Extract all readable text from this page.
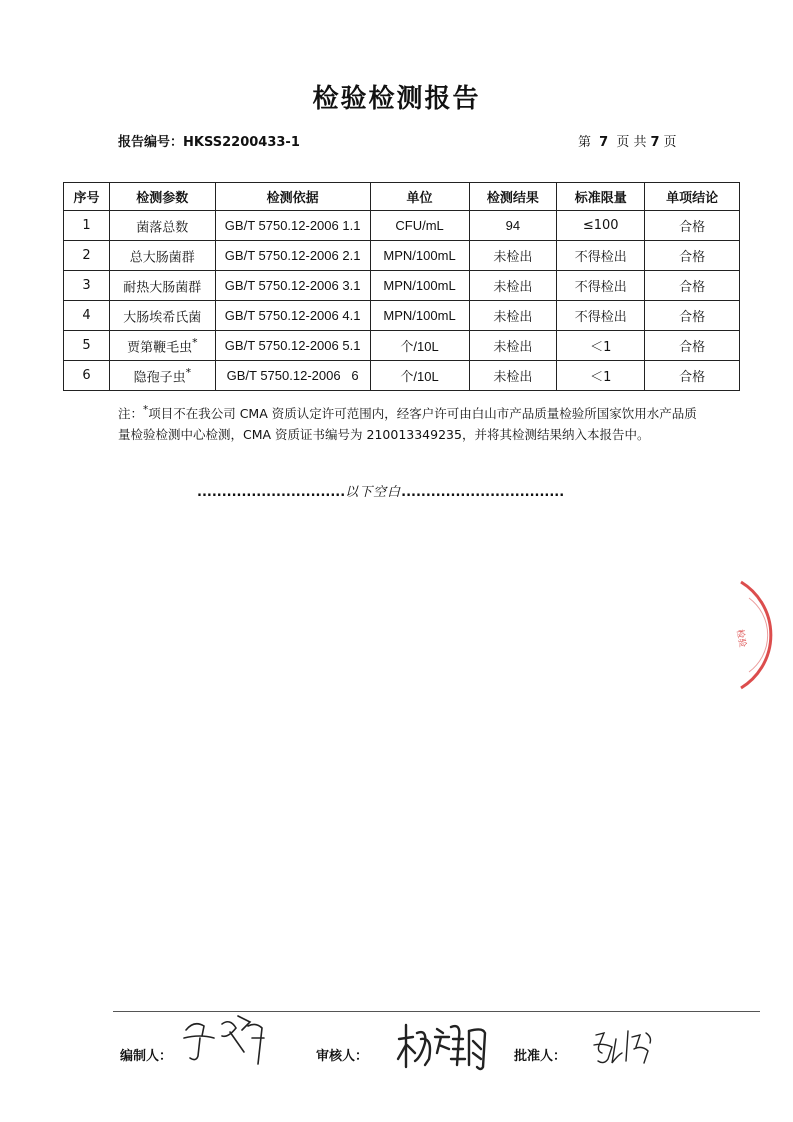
检验检测报告
报告编号：HKSS2200433-1	第 7 页 共 7 页
序号	检测参数	检测依据	单位	检测结果	标准限量	单项结论
1	菌落总数	GB/T 5750.12-2006 1.1	CFU/mL	94	≤100	合格
2	总大肠菌群	GB/T 5750.12-2006 2.1	MPN/100mL	未检出	不得检出	合格
3	耐热大肠菌群	GB/T 5750.12-2006 3.1	MPN/100mL	未检出	不得检出	合格
4	大肠埃希氏菌	GB/T 5750.12-2006 4.1	MPN/100mL	未检出	不得检出	合格
5	贾第鞭毛虫*	GB/T 5750.12-2006 5.1	个/10L	未检出	＜1	合格
6	隐孢子虫*	GB/T 5750.12-2006   6	个/10L	未检出	＜1	合格
注：*项目不在我公司 CMA 资质认定许可范围内，经客户许可由白山市产品质量检验所国家饮用水产品质量检验检测中心检测，CMA 资质证书编号为 210013349235，并将其检测结果纳入本报告中。
..............................以下空白.................................
检验
编制人：	审核人：	批准人：
